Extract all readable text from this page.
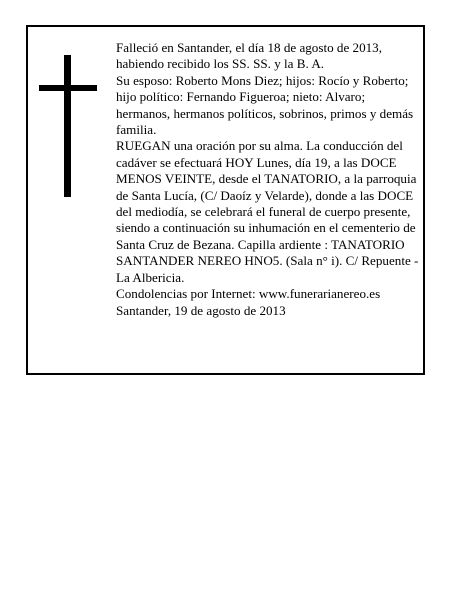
Falleció en Santander, el día 18 de agosto de 2013, habiendo recibido los SS. SS. y la B. A.

Su esposo: Roberto Mons Diez; hijos: Rocío y Roberto; hijo político: Fernando Figueroa; nieto: Alvaro; hermanos, hermanos políticos, sobrinos, primos y demás familia.

RUEGAN una oración por su alma. La conducción del cadáver se efectuará HOY Lunes, día 19, a las DOCE MENOS VEINTE, desde el TANATORIO, a la parroquia de Santa Lucía, (C/ Daoíz y Velarde), donde a las DOCE del mediodía, se celebrará el funeral de cuerpo presente, siendo a continuación su inhumación en el cementerio de Santa Cruz de Bezana. Capilla ardiente : TANATORIO SANTANDER NEREO HNO5. (Sala n° i). C/ Repuente - La Albericia.

Condolencias por Internet: www.funerarianereo.es

Santander, 19 de agosto de 2013
